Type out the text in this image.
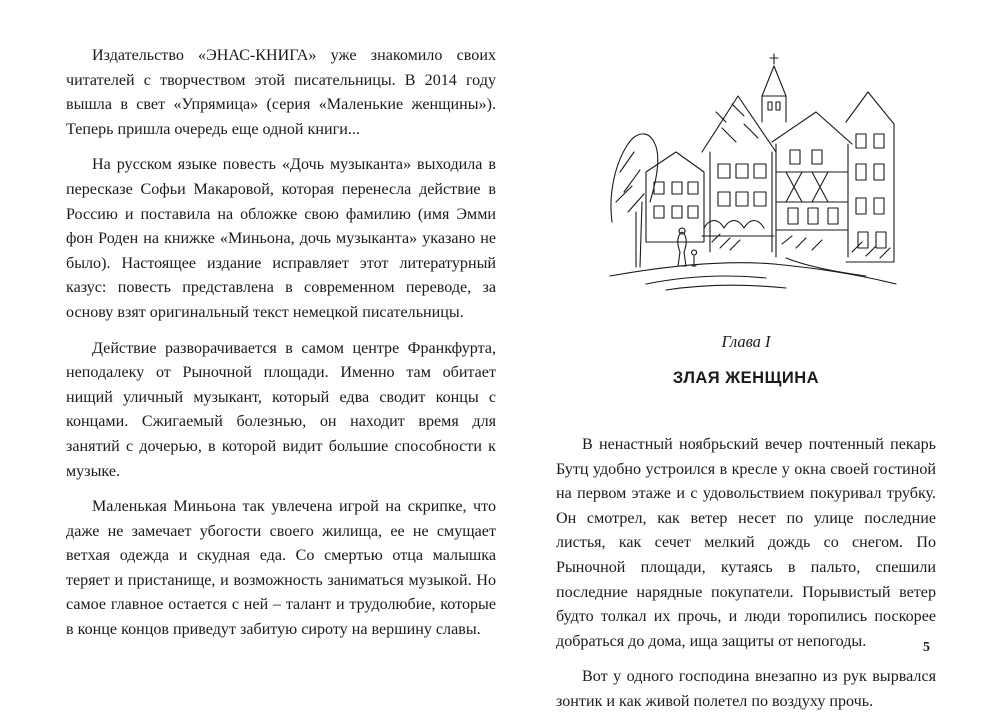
Издательство «ЭНАС-КНИГА» уже знакомило своих читателей с творчеством этой писательницы. В 2014 году вышла в свет «Упрямица» (серия «Маленькие женщины»). Теперь пришла очередь еще одной книги...

На русском языке повесть «Дочь музыканта» выходила в пересказе Софьи Макаровой, которая перенесла действие в Россию и поставила на обложке свою фамилию (имя Эмми фон Роден на книжке «Миньона, дочь музыканта» указано не было). Настоящее издание исправляет этот литературный казус: повесть представлена в современном переводе, за основу взят оригинальный текст немецкой писательницы.

Действие разворачивается в самом центре Франкфурта, неподалеку от Рыночной площади. Именно там обитает нищий уличный музыкант, который едва сводит концы с концами. Сжигаемый болезнью, он находит время для занятий с дочерью, в которой видит большие способности к музыке.

Маленькая Миньона так увлечена игрой на скрипке, что даже не замечает убогости своего жилища, ее не смущает ветхая одежда и скудная еда. Со смертью отца малышка теряет и пристанище, и возможность заниматься музыкой. Но самое главное остается с ней – талант и трудолюбие, которые в конце концов приведут забитую сироту на вершину славы.

Глава I
ЗЛАЯ ЖЕНЩИНА

В ненастный ноябрьский вечер почтенный пекарь Бутц удобно устроился в кресле у окна своей гостиной на первом этаже и с удовольствием покуривал трубку. Он смотрел, как ветер несет по улице последние листья, как сечет мелкий дождь со снегом. По Рыночной площади, кутаясь в пальто, спешили последние нарядные покупатели. Порывистый ветер будто толкал их прочь, и люди торопились поскорее добраться до дома, ища защиты от непогоды.

Вот у одного господина внезапно из рук вырвался зонтик и как живой полетел по воздуху прочь.

5
